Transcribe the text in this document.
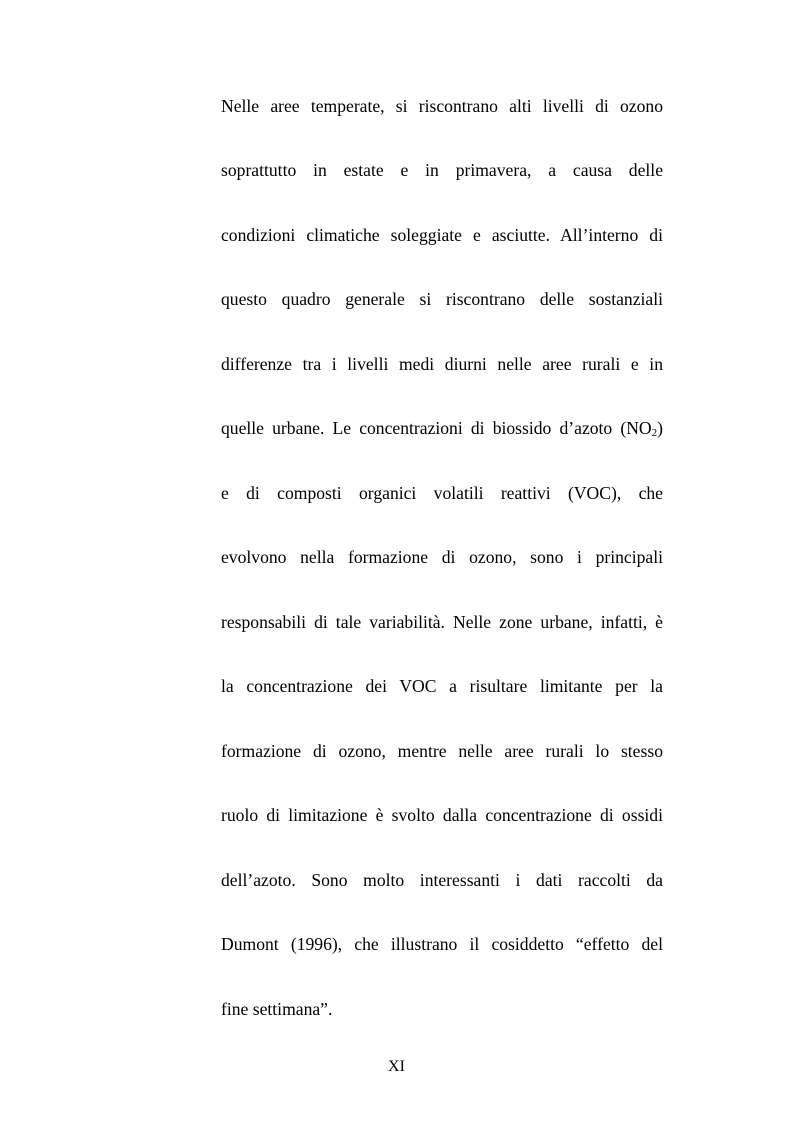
Nelle aree temperate, si riscontrano alti livelli di ozono
soprattutto in estate e in primavera, a causa delle
condizioni climatiche soleggiate e asciutte. All’interno di
questo quadro generale si riscontrano delle sostanziali
differenze tra i livelli medi diurni nelle aree rurali e in
quelle urbane. Le concentrazioni di biossido d’azoto (NO2)
e di composti organici volatili reattivi (VOC), che
evolvono nella formazione di ozono, sono i principali
responsabili di tale variabilità. Nelle zone urbane, infatti, è
la concentrazione dei VOC a risultare limitante per la
formazione di ozono, mentre nelle aree rurali lo stesso
ruolo di limitazione è svolto dalla concentrazione di ossidi
dell’azoto. Sono molto interessanti i dati raccolti da
Dumont (1996), che illustrano il cosiddetto “effetto del
fine settimana”.
XI
